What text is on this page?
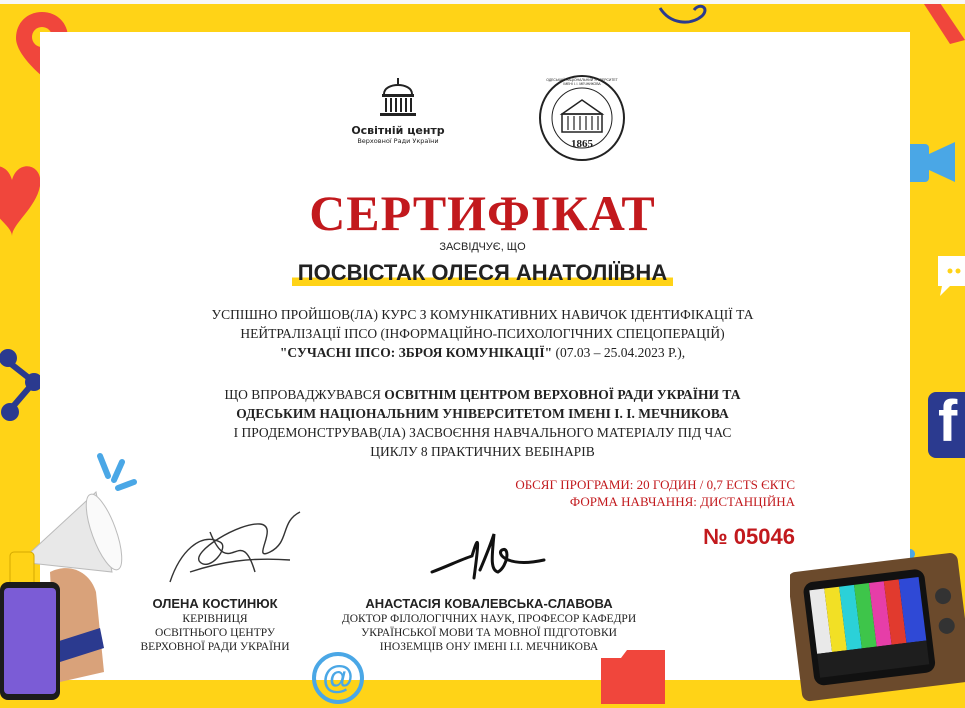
f
Освітній центр
Верховної Ради України	1865
ОДЕСЬКИЙ НАЦІОНАЛЬНИЙ УНІВЕРСИТЕТ ІМЕНІ І. І. МЕЧНИКОВА
СЕРТИФІКАТ
ЗАСВІДЧУЄ, ЩО
ПОСВІСТАК ОЛЕСЯ АНАТОЛІЇВНА
УСПІШНО ПРОЙШОВ(ЛА) КУРС З КОМУНІКАТИВНИХ НАВИЧОК ІДЕНТИФІКАЦІЇ ТА
НЕЙТРАЛІЗАЦІЇ ІПСО (ІНФОРМАЦІЙНО-ПСИХОЛОГІЧНИХ СПЕЦОПЕРАЦІЙ)
"СУЧАСНІ ІПСО: ЗБРОЯ КОМУНІКАЦІЇ" (07.03 – 25.04.2023 Р.),
ЩО ВПРОВАДЖУВАВСЯ ОСВІТНІМ ЦЕНТРОМ ВЕРХОВНОЇ РАДИ УКРАЇНИ ТА
ОДЕСЬКИМ НАЦІОНАЛЬНИМ УНІВЕРСИТЕТОМ ІМЕНІ І. І. МЕЧНИКОВА
І ПРОДЕМОНСТРУВАВ(ЛА) ЗАСВОЄННЯ НАВЧАЛЬНОГО МАТЕРІАЛУ ПІД ЧАС
ЦИКЛУ 8 ПРАКТИЧНИХ ВЕБІНАРІВ
ОБСЯГ ПРОГРАМИ: 20 ГОДИН / 0,7 ECTS ЄКТС
ФОРМА НАВЧАННЯ: ДИСТАНЦІЙНА
№ 05046
ОЛЕНА КОСТИНЮК
КЕРІВНИЦЯ
ОСВІТНЬОГО ЦЕНТРУ
ВЕРХОВНОЇ РАДИ УКРАЇНИ
АНАСТАСІЯ КОВАЛЕВСЬКА-СЛАВОВА
ДОКТОР ФІЛОЛОГІЧНИХ НАУК, ПРОФЕСОР КАФЕДРИ
УКРАЇНСЬКОЇ МОВИ ТА МОВНОЇ ПІДГОТОВКИ
ІНОЗЕМЦІВ ОНУ ІМЕНІ І.І. МЕЧНИКОВА
@
